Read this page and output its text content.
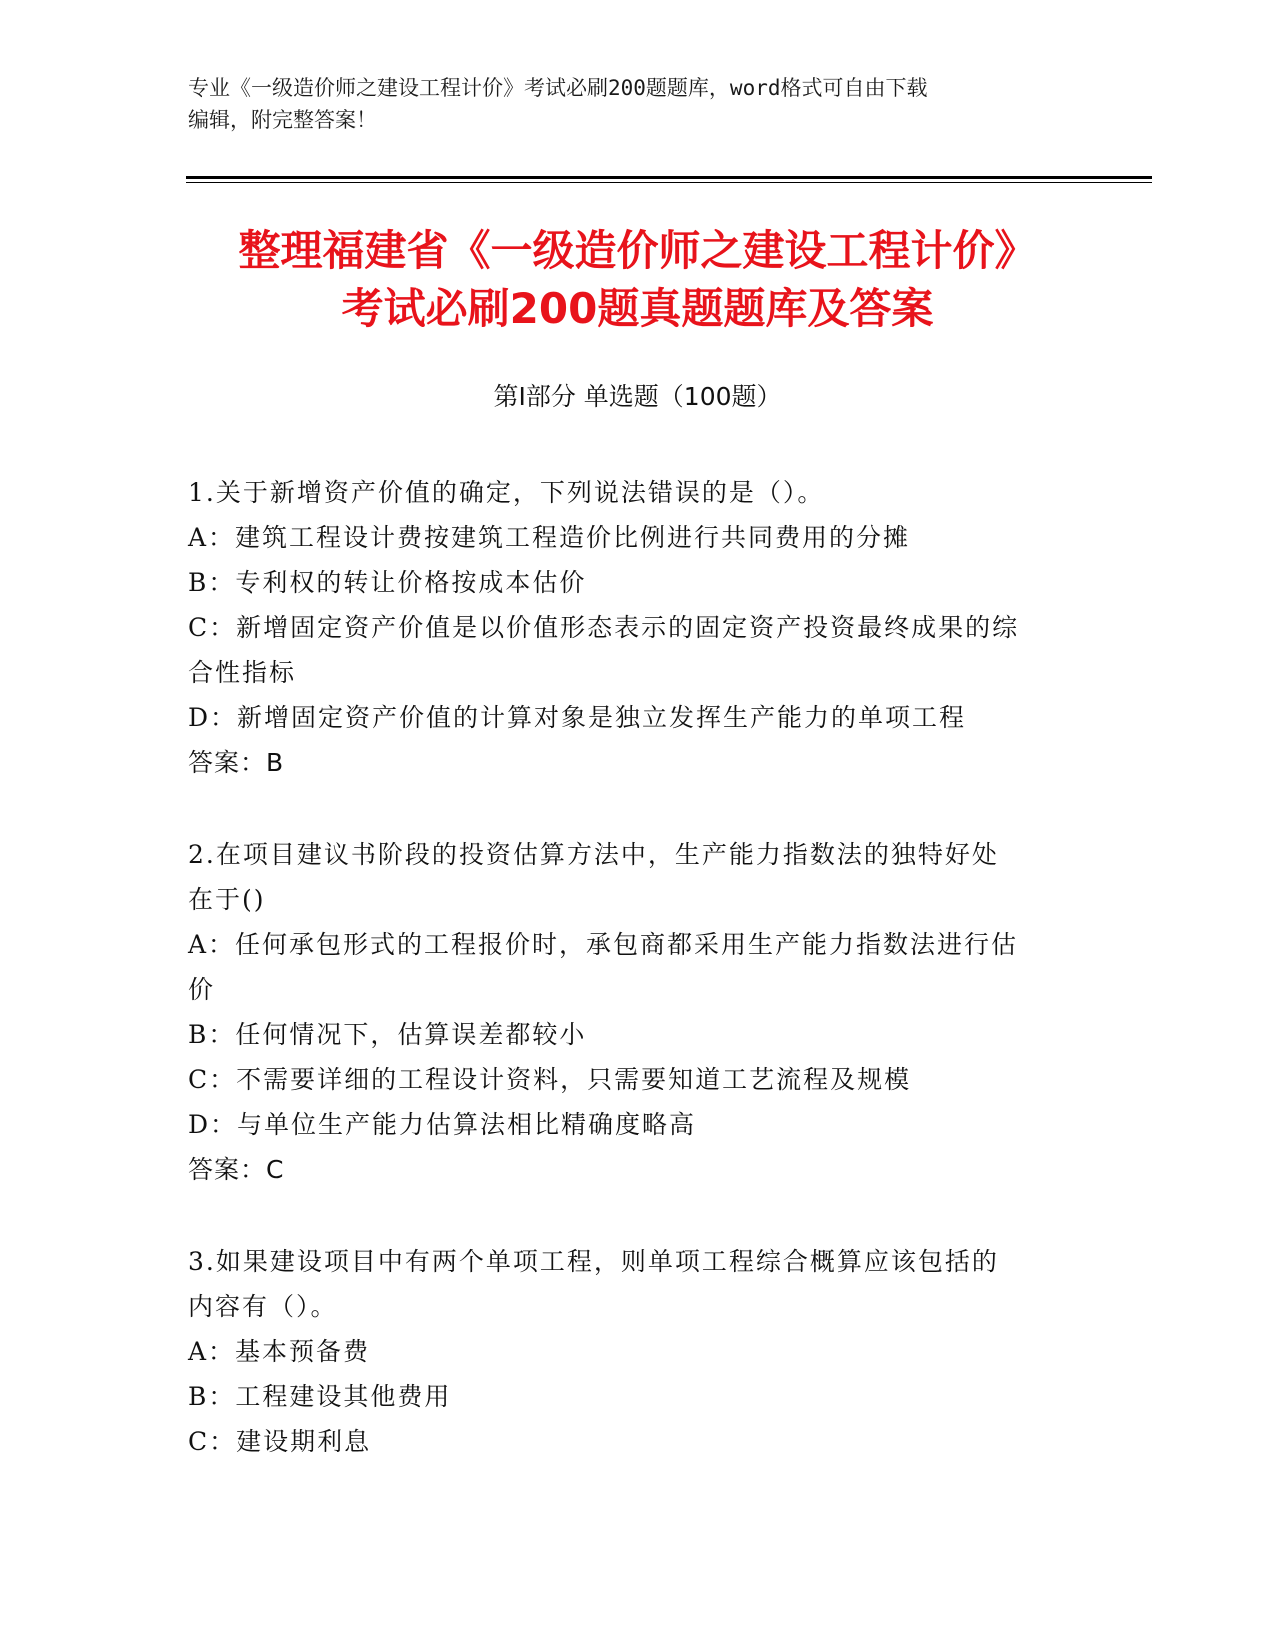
专业《一级造价师之建设工程计价》考试必刷200题题库，word格式可自由下载
编辑，附完整答案！
整理福建省《一级造价师之建设工程计价》
考试必刷200题真题题库及答案
第Ⅰ部分 单选题（100题）
1.关于新增资产价值的确定，下列说法错误的是（）。
A：建筑工程设计费按建筑工程造价比例进行共同费用的分摊
B：专利权的转让价格按成本估价
C：新增固定资产价值是以价值形态表示的固定资产投资最终成果的综
合性指标
D：新增固定资产价值的计算对象是独立发挥生产能力的单项工程
答案：B
2.在项目建议书阶段的投资估算方法中，生产能力指数法的独特好处
在于()
A：任何承包形式的工程报价时，承包商都采用生产能力指数法进行估
价
B：任何情况下，估算误差都较小
C：不需要详细的工程设计资料，只需要知道工艺流程及规模
D：与单位生产能力估算法相比精确度略高
答案：C
3.如果建设项目中有两个单项工程，则单项工程综合概算应该包括的
内容有（）。
A：基本预备费
B：工程建设其他费用
C：建设期利息
